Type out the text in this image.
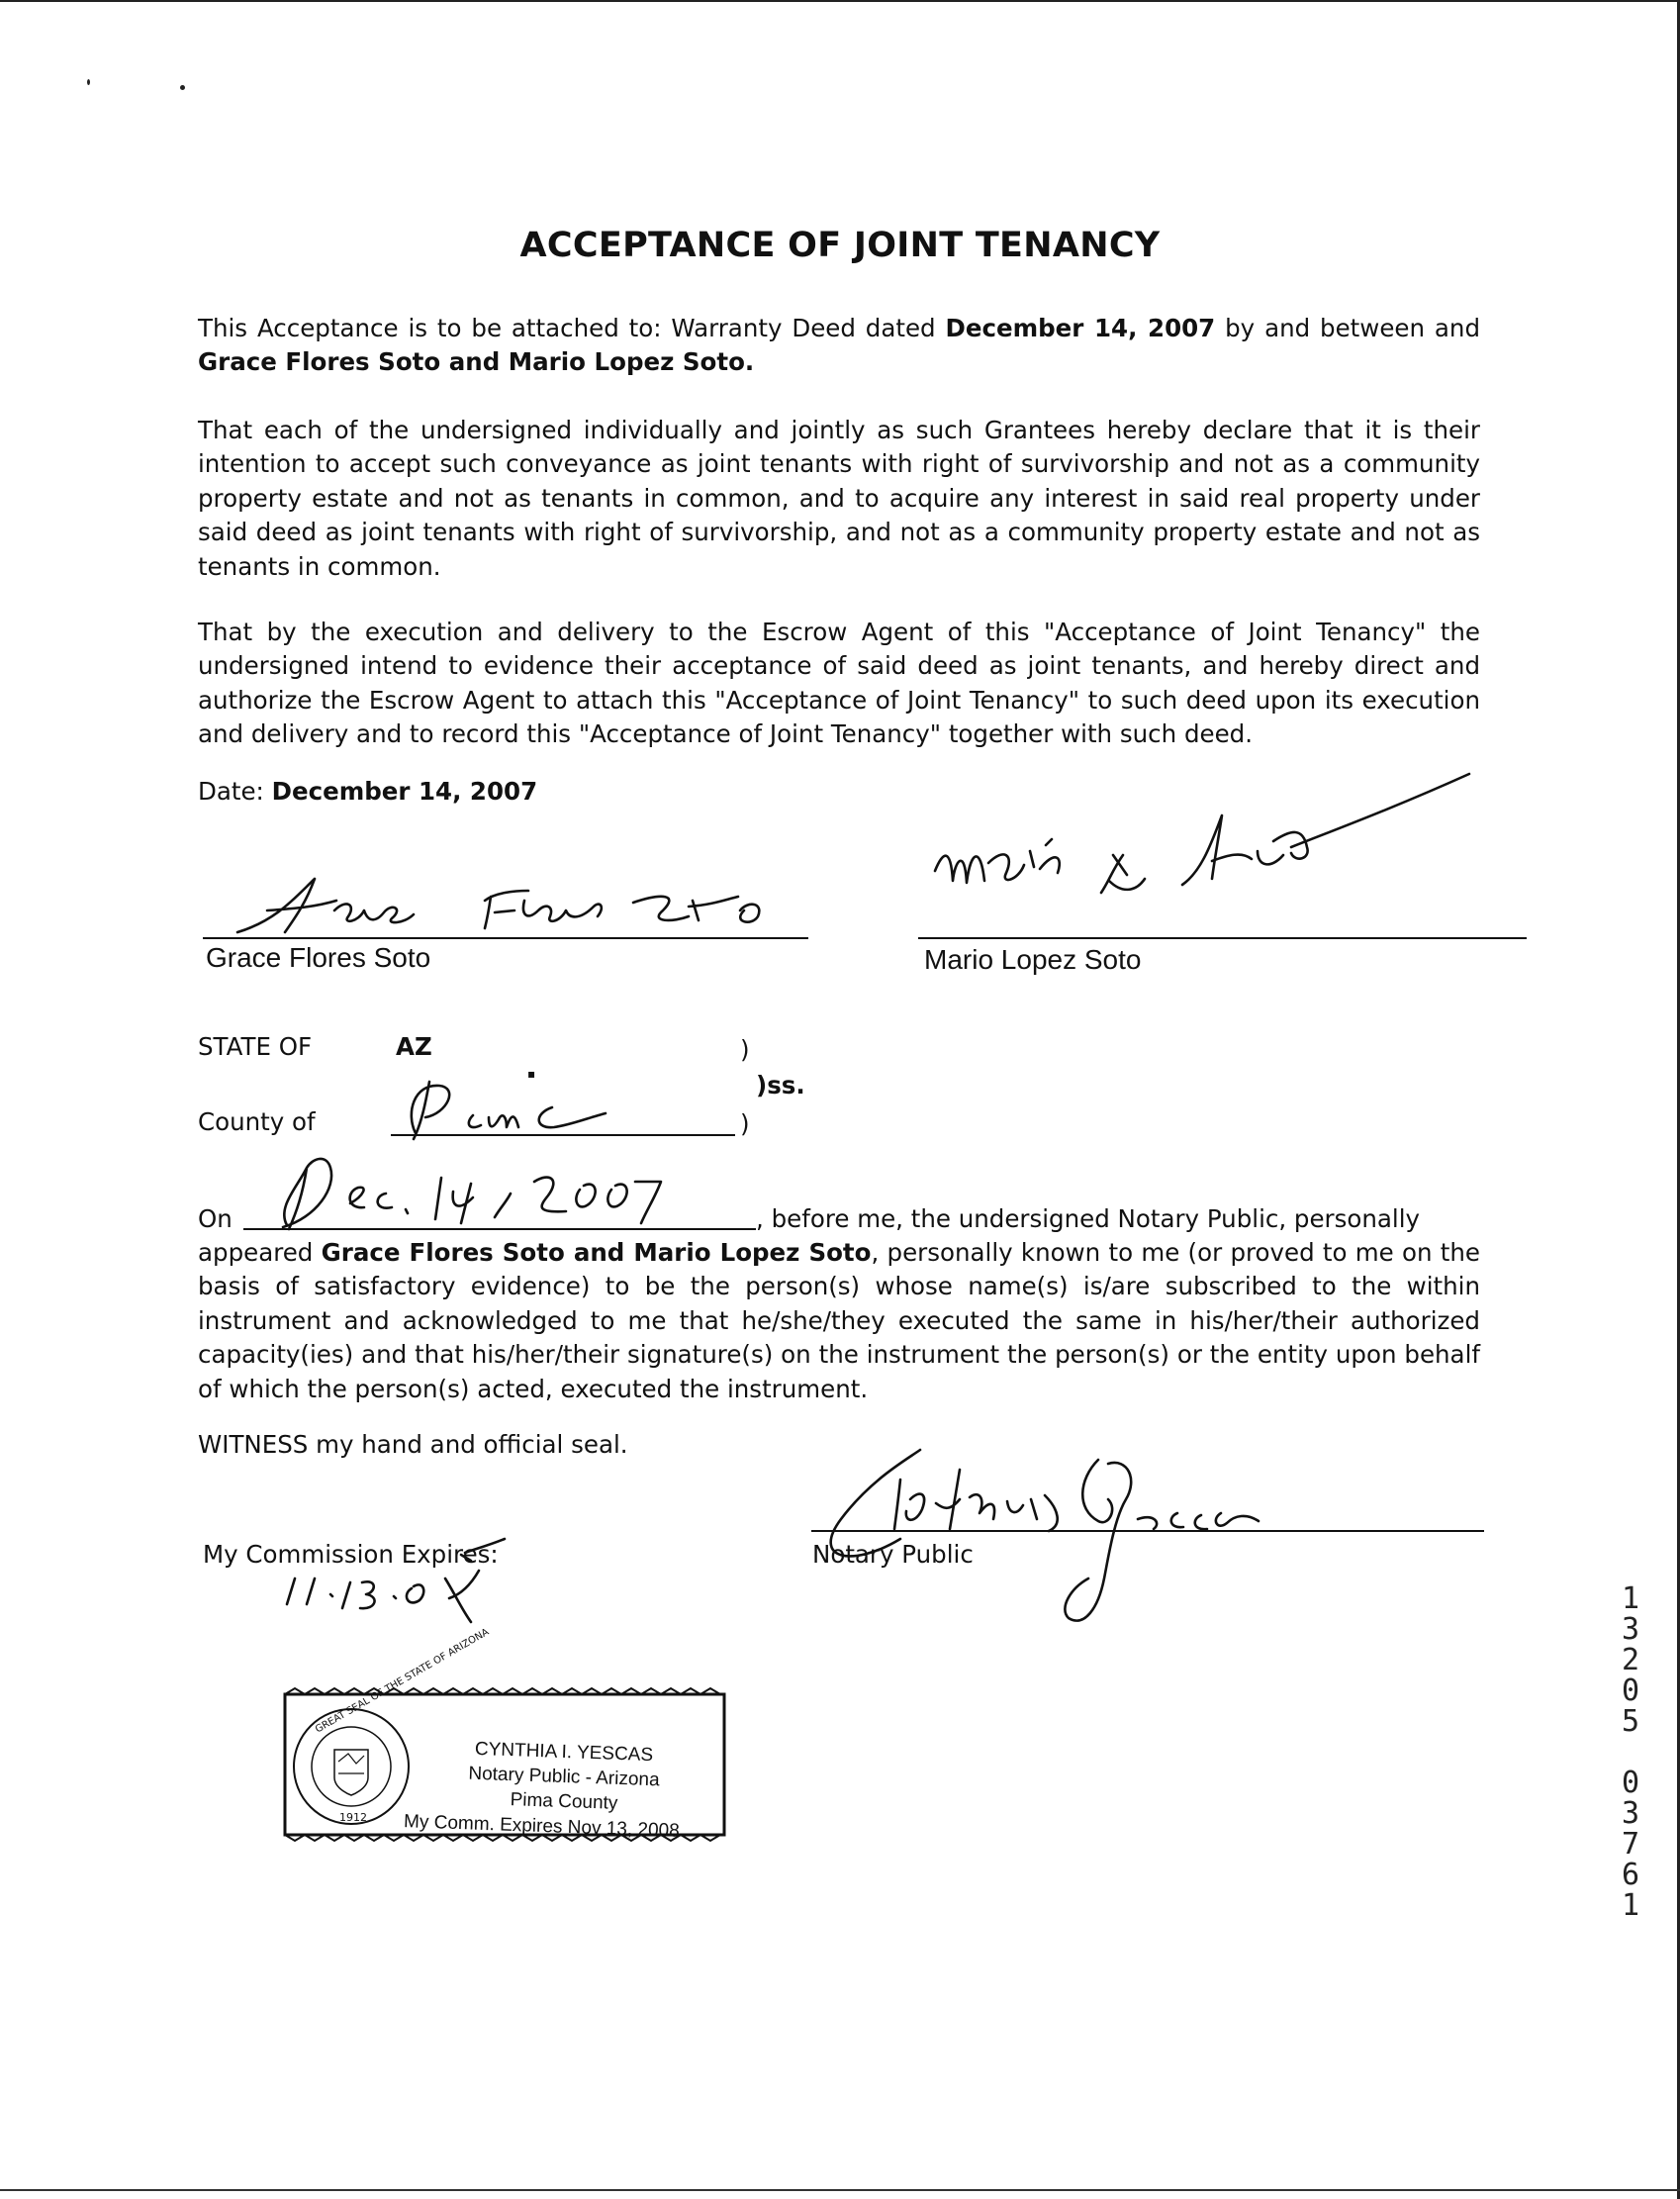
ACCEPTANCE OF JOINT TENANCY

This Acceptance is to be attached to: Warranty Deed dated December 14, 2007 by and between and Grace Flores Soto and Mario Lopez Soto.

That each of the undersigned individually and jointly as such Grantees hereby declare that it is their intention to accept such conveyance as joint tenants with right of survivorship and not as a community property estate and not as tenants in common, and to acquire any interest in said real property under said deed as joint tenants with right of survivorship, and not as a community property estate and not as tenants in common.

That by the execution and delivery to the Escrow Agent of this "Acceptance of Joint Tenancy" the undersigned intend to evidence their acceptance of said deed as joint tenants, and hereby direct and authorize the Escrow Agent to attach this "Acceptance of Joint Tenancy" to such deed upon its execution and delivery and to record this "Acceptance of Joint Tenancy" together with such deed.

Date: December 14, 2007
Grace Flores Soto	Mario Lopez Soto
STATE OF	AZ
▪
)
)ss.
County of	)
On	, before me, the undersigned Notary Public, personally

appeared Grace Flores Soto and Mario Lopez Soto, personally known to me (or proved to me on the basis of satisfactory evidence) to be the person(s) whose name(s) is/are subscribed to the within instrument and acknowledged to me that he/she/they executed the same in his/her/their authorized capacity(ies) and that his/her/their signature(s) on the instrument the person(s) or the entity upon behalf of which the person(s) acted, executed the instrument.

WITNESS my hand and official seal.
My Commission Expires:	Notary Public
GREAT SEAL OF THE STATE OF ARIZONA
1912
CYNTHIA I. YESCAS
Notary Public - Arizona
Pima County
My Comm. Expires Nov 13, 2008
1
3
2
0
5

0
3
7
6
1
